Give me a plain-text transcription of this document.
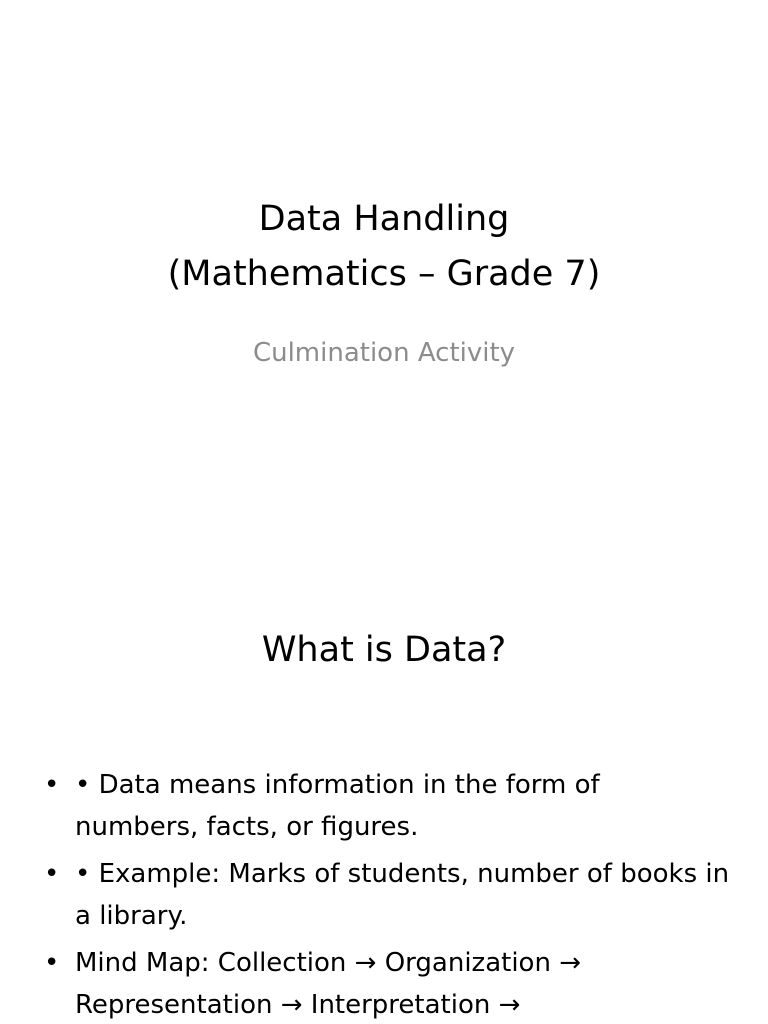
Data Handling
(Mathematics – Grade 7)
Culmination Activity
What is Data?
• • Data means information in the form of numbers, facts, or figures.
• • Example: Marks of students, number of books in a library.
• Mind Map: Collection → Organization → Representation → Interpretation →
